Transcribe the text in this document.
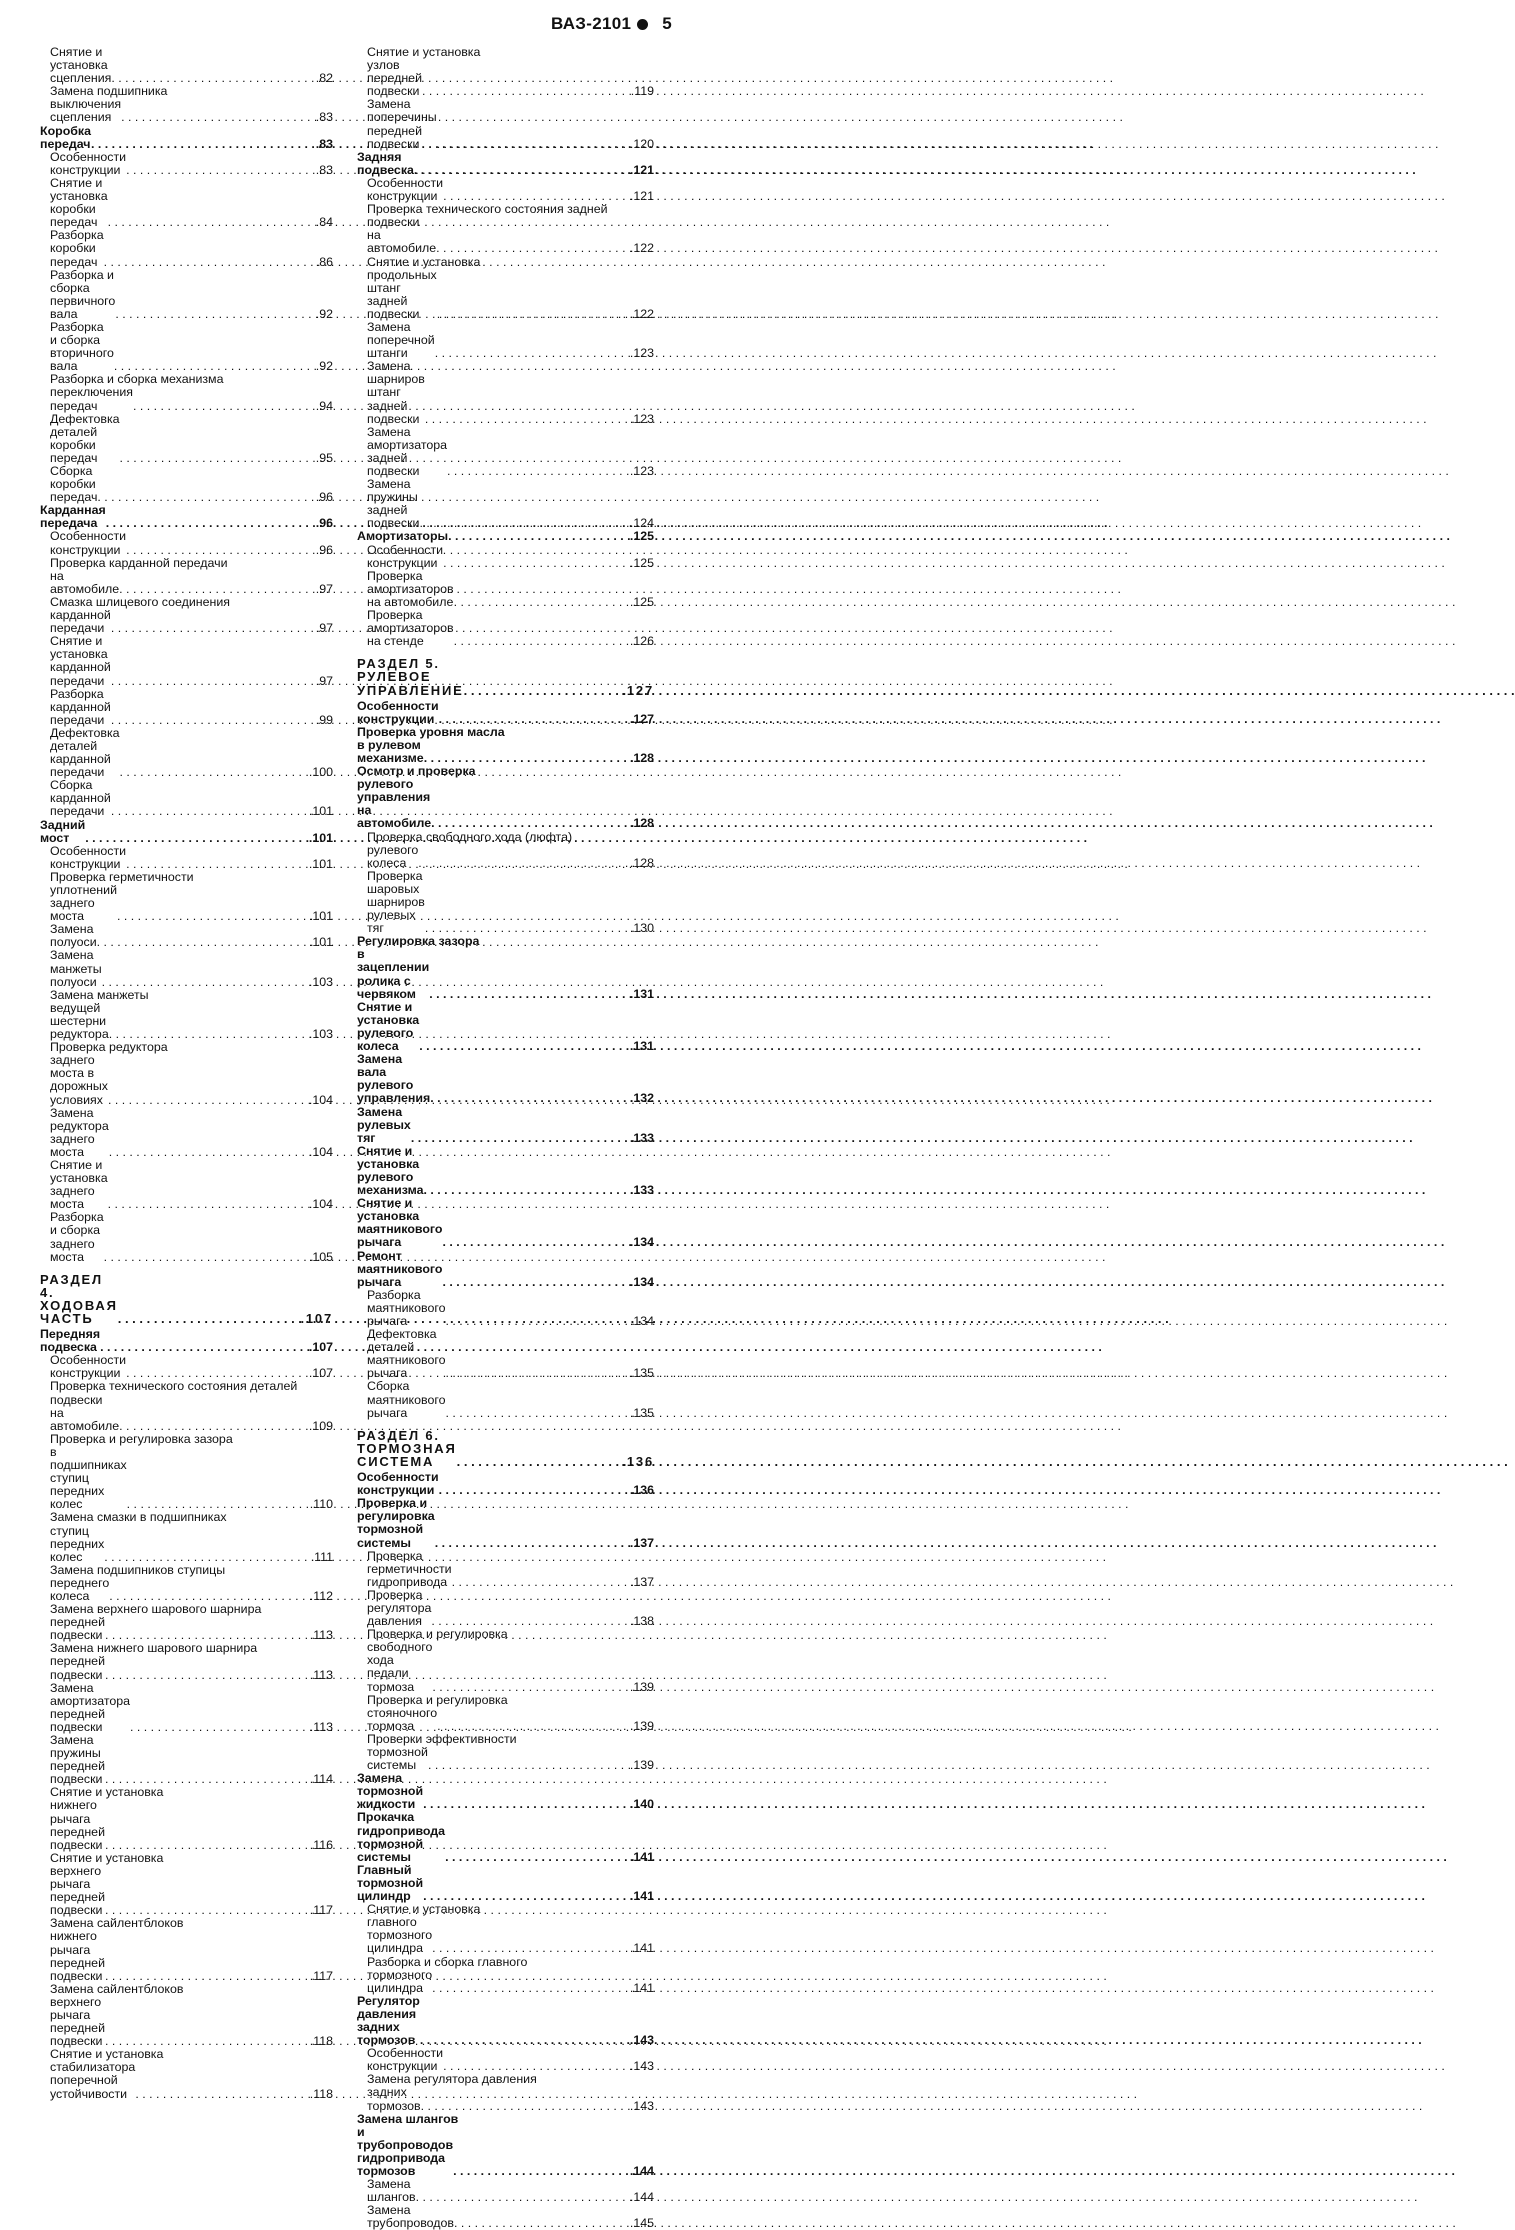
ВАЗ-2101 5
Снятие и установка сцепления . . .	.82
Замена подшипника
выключения сцепления . . .	.83
Коробка передач . . .	.83
Особенности конструкции . . .	.83
Снятие и установка коробки передач . . .	.84
Разборка коробки передач . . .	.86
Разборка и сборка первичного вала . . .	.92
Разборка и сборка вторичного вала . . .	.92
Разборка и сборка механизма
переключения передач . . .	.94
Дефектовка деталей коробки передач . . .	.95
Сборка коробки передач . . .	.96
Карданная передача . . .	.96
Особенности конструкции . . .	.96
Проверка карданной передачи
на автомобиле . . .	.97
Смазка шлицевого соединения
карданной передачи . . .	.97
Снятие и установка карданной передачи . . .	.97
Разборка карданной передачи . . .	.99
Дефектовка деталей карданной передачи . . .	.100
Сборка карданной передачи . . .	.101
Задний мост . . .	.101
Особенности конструкции . . .	.101
Проверка герметичности
уплотнений заднего моста . . .	.101
Замена полуоси . . .	.101
Замена манжеты полуоси . . .	.103
Замена манжеты
ведущей шестерни редуктора . . .	.103
Проверка редуктора
заднего моста в дорожных условиях . . .	.104
Замена редуктора заднего моста . . .	.104
Снятие и установка заднего моста . . .	.104
Разборка и сборка заднего моста . . .	.105
РАЗДЕЛ 4. ХОДОВАЯ ЧАСТЬ . . .	.107
Передняя подвеска . . .	.107
Особенности конструкции . . .	.107
Проверка технического состояния деталей
подвески на автомобиле . . .	.109
Проверка и регулировка зазора
в подшипниках ступиц передних колес . . .	.110
Замена смазки в подшипниках
ступиц передних колес . . .	.111
Замена подшипников ступицы
переднего колеса . . .	.112
Замена верхнего шарового шарнира
передней подвески . . .	.113
Замена нижнего шарового шарнира
передней подвески . . .	.113
Замена амортизатора передней подвески . . .	.113
Замена пружины передней подвески . . .	.114
Снятие и установка
нижнего рычага передней подвески . . .	.116
Снятие и установка
верхнего рычага передней подвески . . .	.117
Замена сайлентблоков
нижнего рычага передней подвески . . .	.117
Замена сайлентблоков
верхнего рычага передней подвески . . .	.118
Снятие и установка
стабилизатора поперечной устойчивости . . .	.118
Снятие и установка
узлов передней подвески . . .	.119
Замена поперечины передней подвески . . .	.120
Задняя подвеска . . .	.121
Особенности конструкции . . .	.121
Проверка технического состояния задней
подвески на автомобиле . . .	.122
Снятие и установка
продольных штанг задней подвески . . .	.122
Замена поперечной штанги . . .	.123
Замена шарниров штанг задней подвески . . .	.123
Замена амортизатора задней подвески . . .	.123
Замена пружины задней подвески . . .	.124
Амортизаторы . . .	.125
Особенности конструкции . . .	.125
Проверка амортизаторов на автомобиле . . .	.125
Проверка амортизаторов на стенде . . .	.126
РАЗДЕЛ 5. РУЛЕВОЕ УПРАВЛЕНИЕ . . .	.127
Особенности конструкции . . .	.127
Проверка уровня масла
в рулевом механизме . . .	.128
Осмотр и проверка
рулевого управления на автомобиле . . .	.128
Проверка свободного хода (люфта)
рулевого колеса . . .	.128
Проверка шаровых шарниров рулевых тяг . . .	.130
Регулировка зазора
в зацеплении ролика с червяком . . .	.131
Снятие и установка рулевого колеса . . .	.131
Замена вала рулевого управления . . .	.132
Замена рулевых тяг . . .	.133
Снятие и установка рулевого механизма . . .	.133
Снятие и установка маятникового рычага . . .	.134
Ремонт маятникового рычага . . .	.134
Разборка маятникового рычага . . .	.134
Дефектовка деталей маятникового рычага . . .	.135
Сборка маятникового рычага . . .	.135
РАЗДЕЛ 6. ТОРМОЗНАЯ СИСТЕМА . . .	.136
Особенности конструкции . . .	.136
Проверка и регулировка тормозной системы . . .	.137
Проверка герметичности гидропривода . . .	.137
Проверка регулятора давления . . .	.138
Проверка и регулировка
свободного хода педали тормоза . . .	.139
Проверка и регулировка
стояночного тормоза . . .	.139
Проверки эффективности
тормозной системы . . .	.139
Замена тормозной жидкости . . .	.140
Прокачка гидропривода тормозной системы . . .	.141
Главный тормозной цилиндр . . .	.141
Снятие и установка
главного тормозного цилиндра . . .	.141
Разборка и сборка главного
тормозного цилиндра . . .	.141
Регулятор давления задних тормозов . . .	.143
Особенности конструкции . . .	.143
Замена регулятора давления
задних тормозов . . .	.143
Замена шлангов
и трубопроводов гидропривода тормозов . . .	.144
Замена шлангов . . .	.144
Замена трубопроводов . . .	.145
